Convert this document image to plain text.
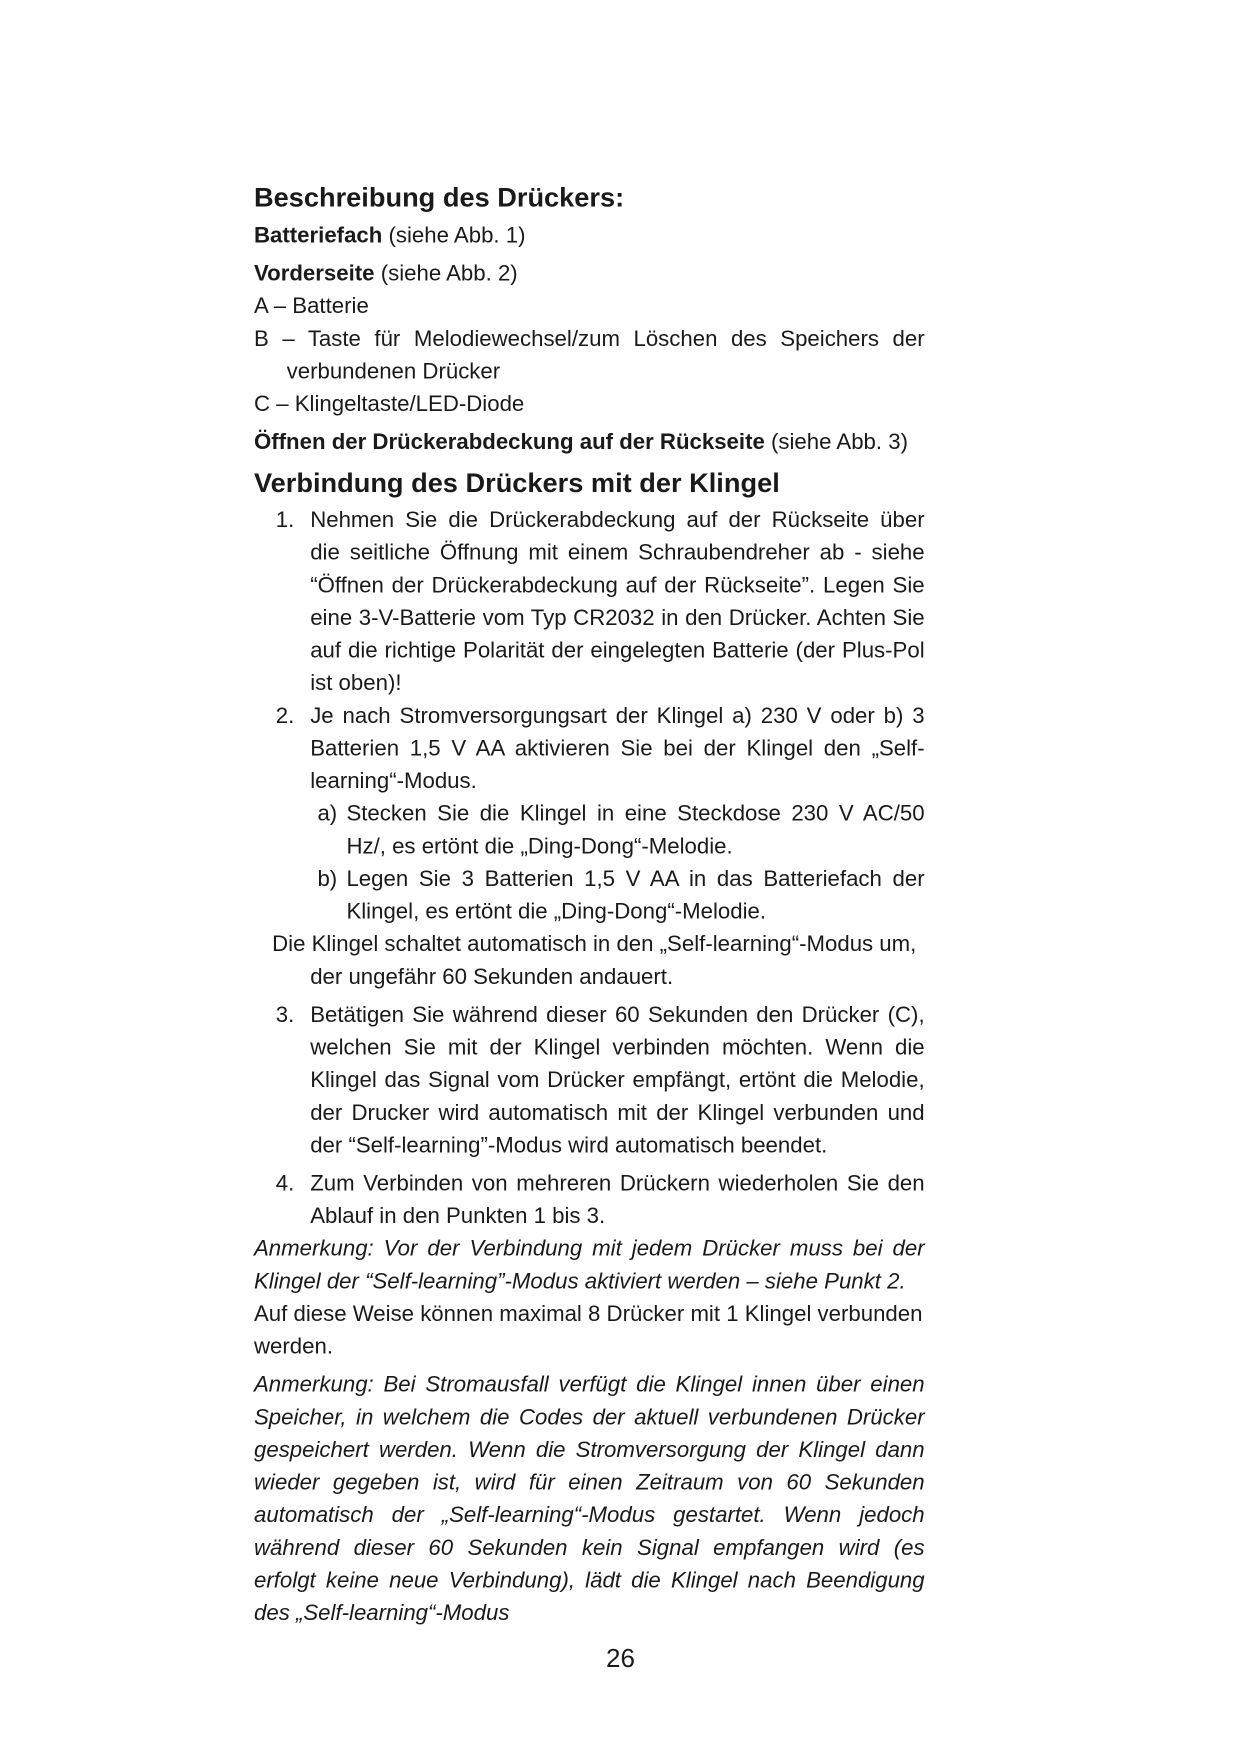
Beschreibung des Drückers:

Batteriefach (siehe Abb. 1)

Vorderseite (siehe Abb. 2)

A – Batterie
B – Taste für Melodiewechsel/zum Löschen des Speichers der verbundenen Drücker
C – Klingeltaste/LED-Diode

Öffnen der Drückerabdeckung auf der Rückseite (siehe Abb. 3)

Verbindung des Drückers mit der Klingel
1. Nehmen Sie die Drückerabdeckung auf der Rückseite über die seitliche Öffnung mit einem Schraubendreher ab - siehe “Öffnen der Drückerabdeckung auf der Rückseite”. Legen Sie eine 3-V-Batterie vom Typ CR2032 in den Drücker. Achten Sie auf die richtige Polarität der eingelegten Batterie (der Plus-Pol ist oben)!
2. Je nach Stromversorgungsart der Klingel a) 230 V oder b) 3 Batterien 1,5 V AA aktivieren Sie bei der Klingel den „Self-learning“-Modus.
a) Stecken Sie die Klingel in eine Steckdose 230 V AC/50 Hz/, es ertönt die „Ding-Dong“-Melodie.
b) Legen Sie 3 Batterien 1,5 V AA in das Batteriefach der Klingel, es ertönt die „Ding-Dong“-Melodie.
Die Klingel schaltet automatisch in den „Self-learning“-Modus um, der ungefähr 60 Sekunden andauert.
3. Betätigen Sie während dieser 60 Sekunden den Drücker (C), welchen Sie mit der Klingel verbinden möchten. Wenn die Klingel das Signal vom Drücker empfängt, ertönt die Melodie, der Drucker wird automatisch mit der Klingel verbunden und der “Self-learning”-Modus wird automatisch beendet.
4. Zum Verbinden von mehreren Drückern wiederholen Sie den Ablauf in den Punkten 1 bis 3.

Anmerkung: Vor der Verbindung mit jedem Drücker muss bei der Klingel der “Self-learning”-Modus aktiviert werden – siehe Punkt 2.

Auf diese Weise können maximal 8 Drücker mit 1 Klingel verbunden werden.

Anmerkung: Bei Stromausfall verfügt die Klingel innen über einen Speicher, in welchem die Codes der aktuell verbundenen Drücker gespeichert werden. Wenn die Stromversorgung der Klingel dann wieder gegeben ist, wird für einen Zeitraum von 60 Sekunden automatisch der „Self-learning“-Modus gestartet. Wenn jedoch während dieser 60 Sekunden kein Signal empfangen wird (es erfolgt keine neue Verbindung), lädt die Klingel nach Beendigung des „Self-learning“-Modus

26
